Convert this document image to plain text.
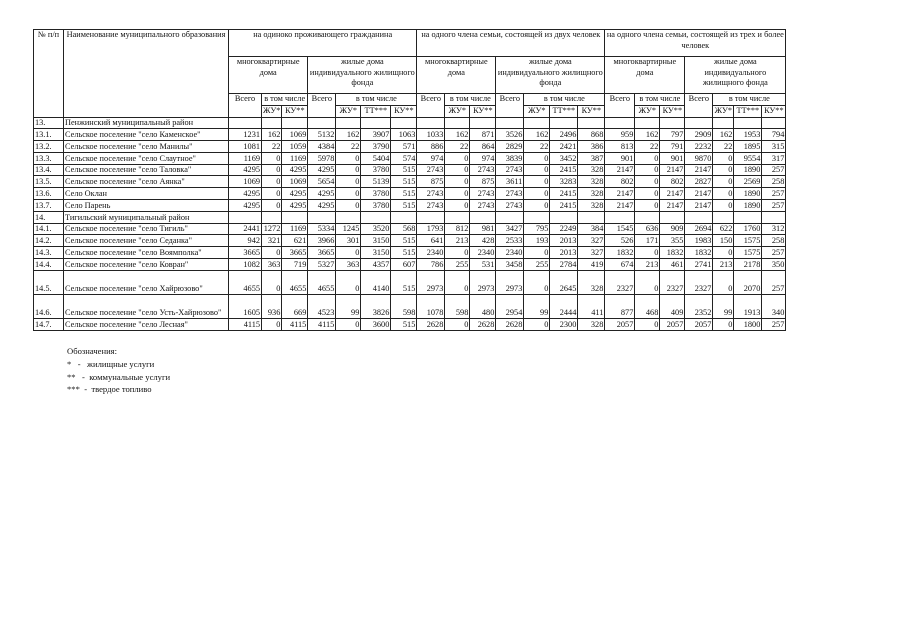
№ п/п	Наименование муниципального образования	на одиноко проживающего гражданина							на одного члена семьи, состоящей из двух человек							на одного члена семьи, состоящей из трех и более человек						
		многоквартирные дома			жилые дома индивидуального жилищного фонда				многоквартирные дома			жилые дома индивидуального жилищного фонда				многоквартирные дома			жилые дома индивидуального жилищного фонда			
		Всего	в том числе		Всего	в том числе			Всего	в том числе		Всего	в том числе			Всего	в том числе		Всего	в том числе		
			ЖУ*	КУ**		ЖУ*	ТТ***	КУ**		ЖУ*	КУ**		ЖУ*	ТТ***	КУ**		ЖУ*	КУ**		ЖУ*	ТТ***	КУ**
13.	Пенжинский муниципальный район																					
13.1.	Сельское поселение "село Каменское"	1231	162	1069	5132	162	3907	1063	1033	162	871	3526	162	2496	868	959	162	797	2909	162	1953	794
13.2.	Сельское поселение "село Манилы"	1081	22	1059	4384	22	3790	571	886	22	864	2829	22	2421	386	813	22	791	2232	22	1895	315
13.3.	Сельское поселение "село Слаутное"	1169	0	1169	5978	0	5404	574	974	0	974	3839	0	3452	387	901	0	901	9870	0	9554	317
13.4.	Сельское поселение "село Таловка"	4295	0	4295	4295	0	3780	515	2743	0	2743	2743	0	2415	328	2147	0	2147	2147	0	1890	257
13.5.	Сельское поселение "село Аянка"	1069	0	1069	5654	0	5139	515	875	0	875	3611	0	3283	328	802	0	802	2827	0	2569	258
13.6.	Село Оклан	4295	0	4295	4295	0	3780	515	2743	0	2743	2743	0	2415	328	2147	0	2147	2147	0	1890	257
13.7.	Село Парень	4295	0	4295	4295	0	3780	515	2743	0	2743	2743	0	2415	328	2147	0	2147	2147	0	1890	257
14.	Тигильский муниципальный район																					
14.1.	Сельское поселение "село Тигиль"	2441	1272	1169	5334	1245	3520	568	1793	812	981	3427	795	2249	384	1545	636	909	2694	622	1760	312
14.2.	Сельское поселение "село Седанка"	942	321	621	3966	301	3150	515	641	213	428	2533	193	2013	327	526	171	355	1983	150	1575	258
14.3.	Сельское поселение "село Воямполка"	3665	0	3665	3665	0	3150	515	2340	0	2340	2340	0	2013	327	1832	0	1832	1832	0	1575	257
14.4.	Сельское поселение "село Ковран"	1082	363	719	5327	363	4357	607	786	255	531	3458	255	2784	419	674	213	461	2741	213	2178	350
14.5.	Сельское поселение "село Хайрюзово"	4655	0	4655	4655	0	4140	515	2973	0	2973	2973	0	2645	328	2327	0	2327	2327	0	2070	257
14.6.	Сельское поселение "село Усть-Хайрюзово"	1605	936	669	4523	99	3826	598	1078	598	480	2954	99	2444	411	877	468	409	2352	99	1913	340
14.7.	Сельское поселение "село Лесная"	4115	0	4115	4115	0	3600	515	2628	0	2628	2628	0	2300	328	2057	0	2057	2057	0	1800	257
Обозначения:
*   -   жилищные услуги
**   -  коммунальные услуги
***  -  твердое топливо
